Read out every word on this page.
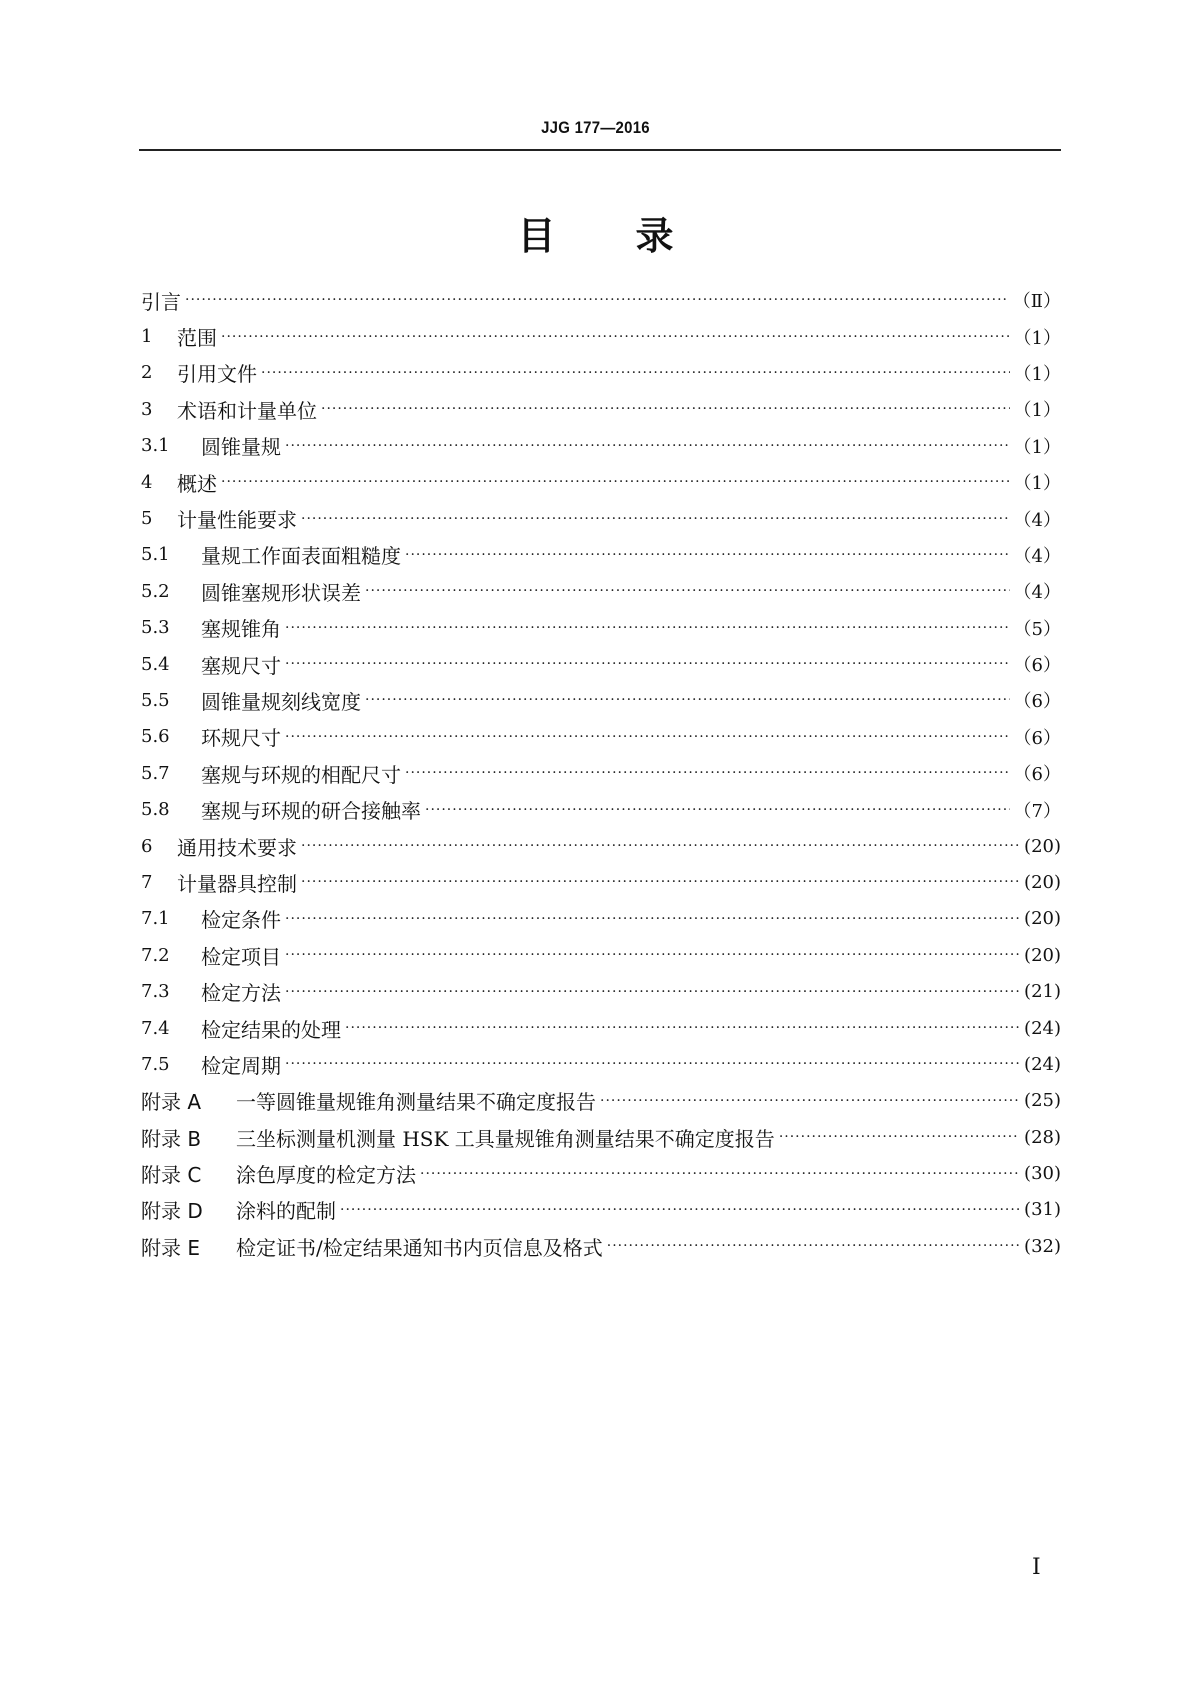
JJG 177—2016
目 录
引言 ·····	（Ⅱ）
1	范围 ·····	（1）
2	引用文件 ·····	（1）
3	术语和计量单位 ·····	（1）
3.1	圆锥量规 ·····	（1）
4	概述 ·····	（1）
5	计量性能要求 ·····	（4）
5.1	量规工作面表面粗糙度 ·····	（4）
5.2	圆锥塞规形状误差 ·····	（4）
5.3	塞规锥角 ·····	（5）
5.4	塞规尺寸 ·····	（6）
5.5	圆锥量规刻线宽度 ·····	（6）
5.6	环规尺寸 ·····	（6）
5.7	塞规与环规的相配尺寸 ·····	（6）
5.8	塞规与环规的研合接触率 ·····	（7）
6	通用技术要求 ·····	(20)
7	计量器具控制 ·····	(20)
7.1	检定条件 ·····	(20)
7.2	检定项目 ·····	(20)
7.3	检定方法 ·····	(21)
7.4	检定结果的处理 ·····	(24)
7.5	检定周期 ·····	(24)
附录 A	一等圆锥量规锥角测量结果不确定度报告 ·····	(25)
附录 B	三坐标测量机测量 HSK 工具量规锥角测量结果不确定度报告 ·····	(28)
附录 C	涂色厚度的检定方法 ·····	(30)
附录 D	涂料的配制 ·····	(31)
附录 E	检定证书/检定结果通知书内页信息及格式 ·····	(32)
I
